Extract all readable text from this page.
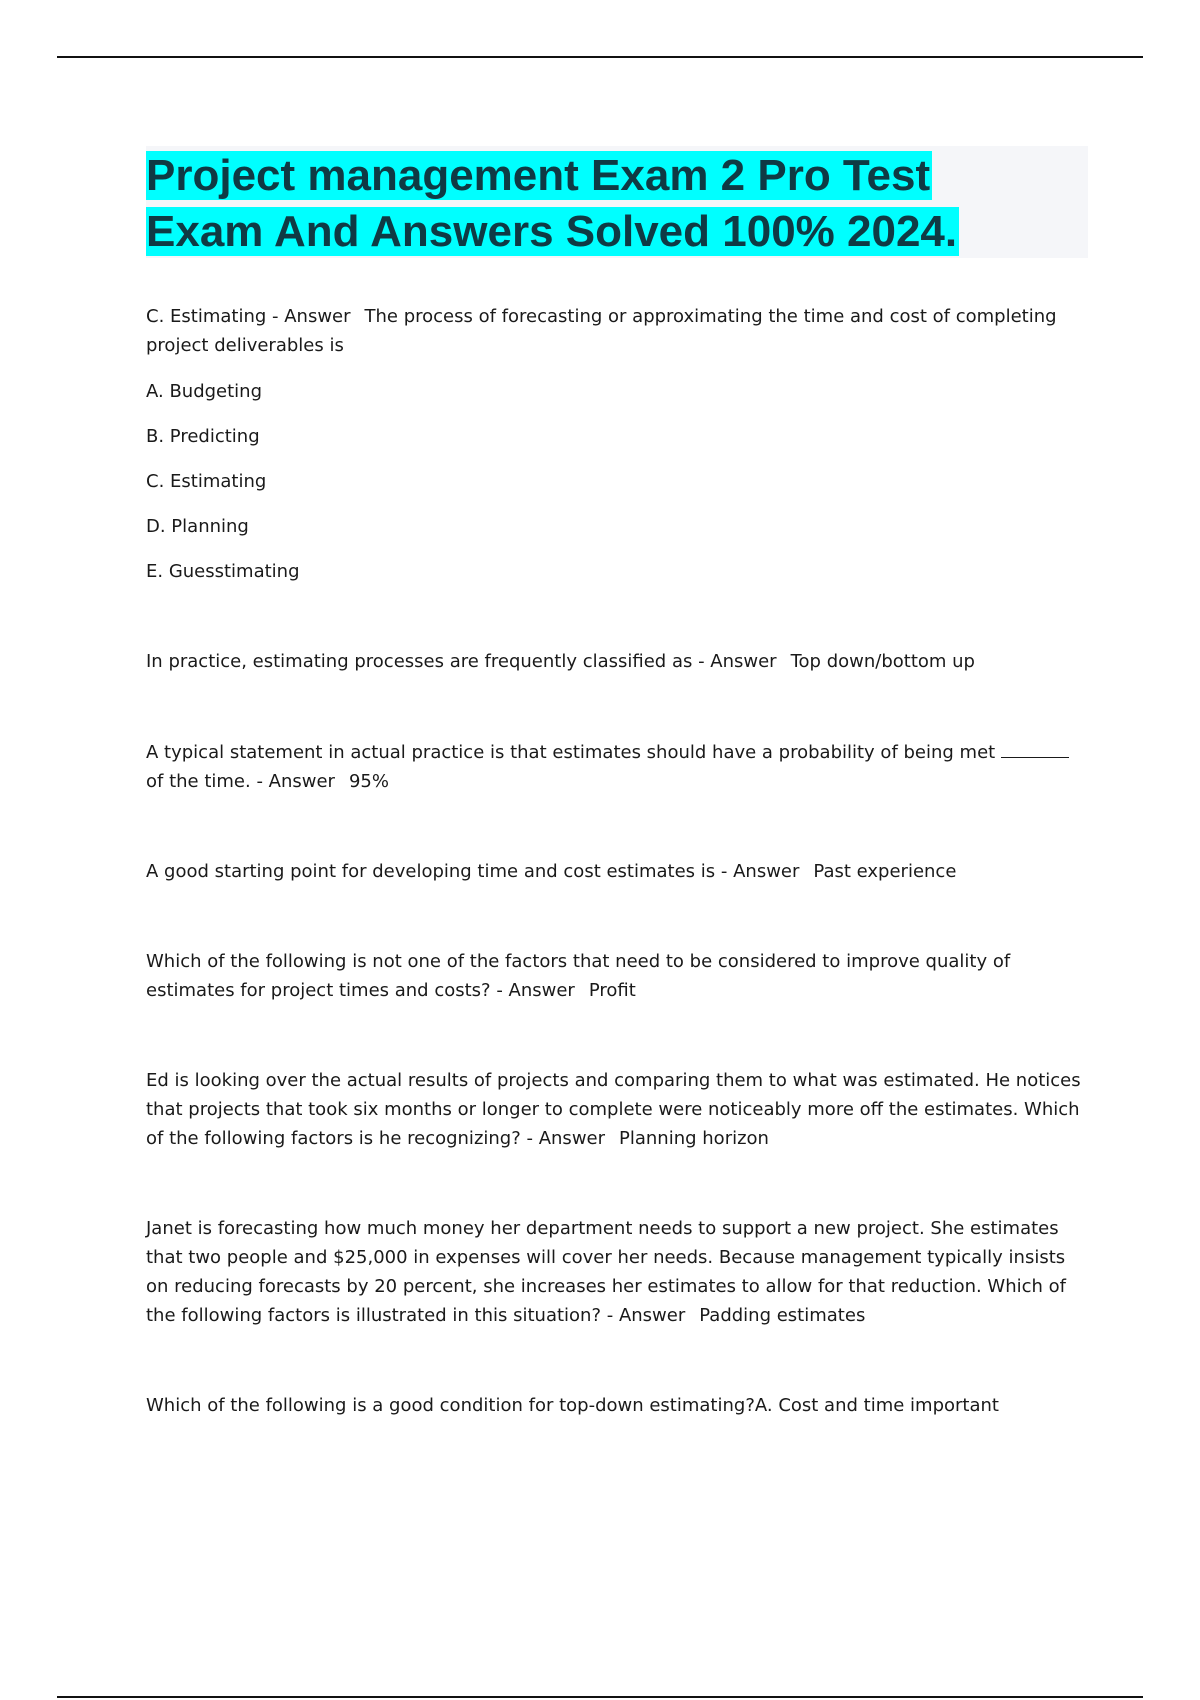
Project management Exam 2 Pro Test Exam And Answers Solved 100% 2024.

C. Estimating - Answer The process of forecasting or approximating the time and cost of completing project deliverables is

A. Budgeting

B. Predicting

C. Estimating

D. Planning

E. Guesstimating

In practice, estimating processes are frequently classified as - Answer Top down/bottom up

A typical statement in actual practice is that estimates should have a probability of being met  of the time. - Answer 95%

A good starting point for developing time and cost estimates is - Answer Past experience

Which of the following is not one of the factors that need to be considered to improve quality of estimates for project times and costs? - Answer Profit

Ed is looking over the actual results of projects and comparing them to what was estimated. He notices that projects that took six months or longer to complete were noticeably more off the estimates. Which of the following factors is he recognizing? - Answer Planning horizon

Janet is forecasting how much money her department needs to support a new project. She estimates that two people and $25,000 in expenses will cover her needs. Because management typically insists on reducing forecasts by 20 percent, she increases her estimates to allow for that reduction. Which of the following factors is illustrated in this situation? - Answer Padding estimates

Which of the following is a good condition for top-down estimating?A. Cost and time important
